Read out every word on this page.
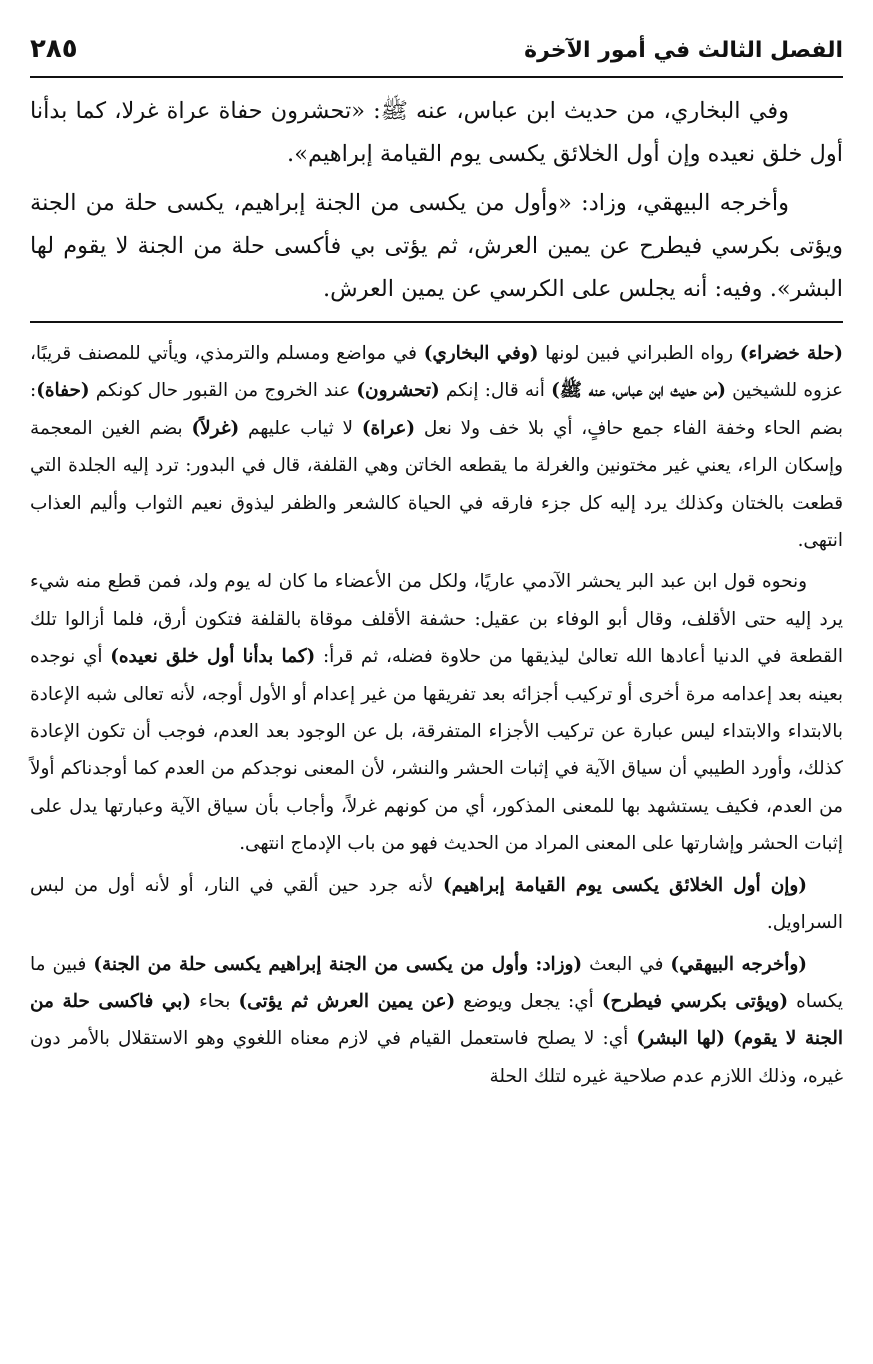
الفصل الثالث في أمور الآخرة
٢٨٥

وفي البخاري، من حديث ابن عباس، عنه ﷺ: «تحشرون حفاة عراة غرلا، كما بدأنا أول خلق نعيده وإن أول الخلائق يكسى يوم القيامة إبراهيم».

وأخرجه البيهقي، وزاد: «وأول من يكسى من الجنة إبراهيم، يكسى حلة من الجنة ويؤتى بكرسي فيطرح عن يمين العرش، ثم يؤتى بي فأكسى حلة من الجنة لا يقوم لها البشر». وفيه: أنه يجلس على الكرسي عن يمين العرش.

(حلة خضراء) رواه الطبراني فبين لونها (وفي البخاري) في مواضع ومسلم والترمذي، ويأتي للمصنف قريبًا، عزوه للشيخين (من حديث ابن عباس، عنه ﷺ) أنه قال: إنكم (تحشرون) عند الخروج من القبور حال كونكم (حفاة): بضم الحاء وخفة الفاء جمع حافٍ، أي بلا خف ولا نعل (عراة) لا ثياب عليهم (غرلاً) بضم الغين المعجمة وإسكان الراء، يعني غير مختونين والغرلة ما يقطعه الخاتن وهي القلفة، قال في البدور: ترد إليه الجلدة التي قطعت بالختان وكذلك يرد إليه كل جزء فارقه في الحياة كالشعر والظفر ليذوق نعيم الثواب وأليم العذاب انتهى.

ونحوه قول ابن عبد البر يحشر الآدمي عاريًا، ولكل من الأعضاء ما كان له يوم ولد، فمن قطع منه شيء يرد إليه حتى الأقلف، وقال أبو الوفاء بن عقيل: حشفة الأقلف موقاة بالقلفة فتكون أرق، فلما أزالوا تلك القطعة في الدنيا أعادها الله تعالىٰ ليذيقها من حلاوة فضله، ثم قرأ: (كما بدأنا أول خلق نعيده) أي نوجده بعينه بعد إعدامه مرة أخرى أو تركيب أجزائه بعد تفريقها من غير إعدام أو الأول أوجه، لأنه تعالى شبه الإعادة بالابتداء والابتداء ليس عبارة عن تركيب الأجزاء المتفرقة، بل عن الوجود بعد العدم، فوجب أن تكون الإعادة كذلك، وأورد الطيبي أن سياق الآية في إثبات الحشر والنشر، لأن المعنى نوجدكم من العدم كما أوجدناكم أولاً من العدم، فكيف يستشهد بها للمعنى المذكور، أي من كونهم غرلاً، وأجاب بأن سياق الآية وعبارتها يدل على إثبات الحشر وإشارتها على المعنى المراد من الحديث فهو من باب الإدماج انتهى.

(وإن أول الخلائق يكسى يوم القيامة إبراهيم) لأنه جرد حين ألقي في النار، أو لأنه أول من لبس السراويل.

(وأخرجه البيهقي) في البعث (وزاد: وأول من يكسى من الجنة إبراهيم يكسى حلة من الجنة) فبين ما يكساه (ويؤتى بكرسي فيطرح) أي: يجعل ويوضع (عن يمين العرش ثم يؤتى) بحاء (بي فاكسى حلة من الجنة لا يقوم) (لها البشر) أي: لا يصلح فاستعمل القيام في لازم معناه اللغوي وهو الاستقلال بالأمر دون غيره، وذلك اللازم عدم صلاحية غيره لتلك الحلة
